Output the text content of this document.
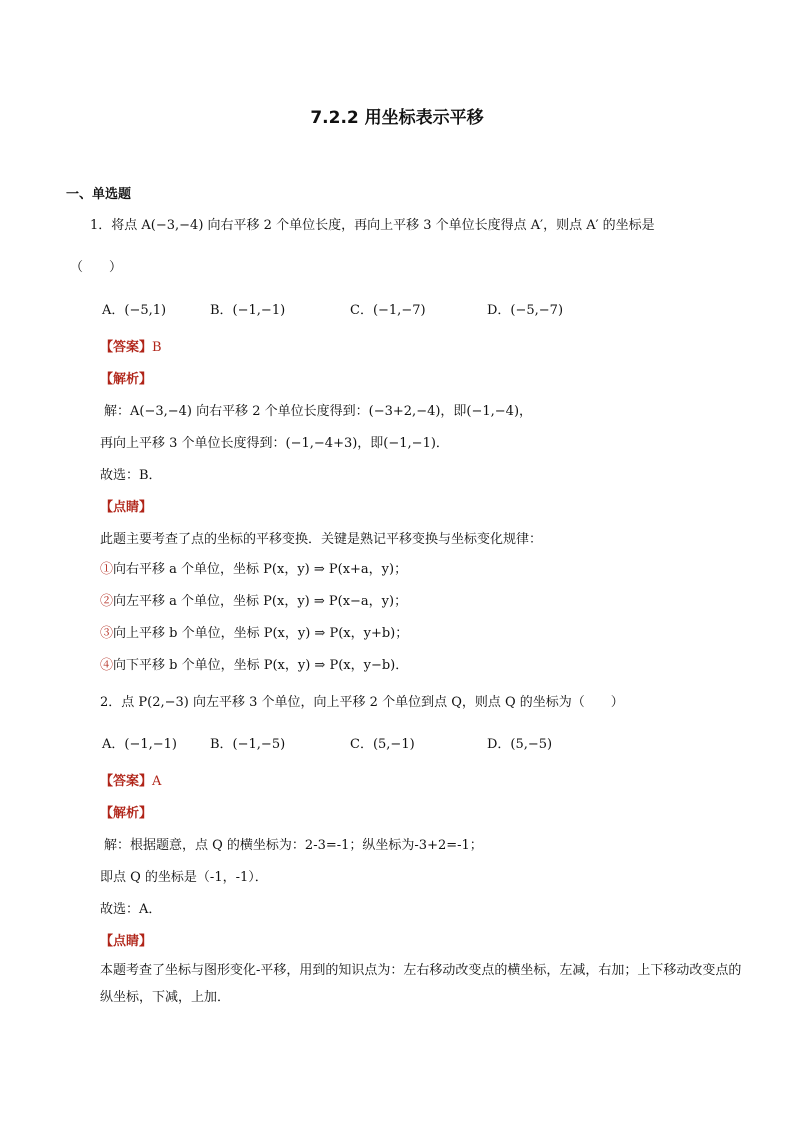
7.2.2 用坐标表示平移
一、单选题
1．将点 A(−3,−4) 向右平移 2 个单位长度，再向上平移 3 个单位长度得点 A′，则点 A′ 的坐标是
（　　）
A．(−5,1)	B．(−1,−1)	C．(−1,−7)	D．(−5,−7)
【答案】B
【解析】
解：A(−3,−4) 向右平移 2 个单位长度得到：(−3+2,−4)，即(−1,−4)，
再向上平移 3 个单位长度得到：(−1,−4+3)，即(−1,−1)．
故选：B．
【点睛】
此题主要考查了点的坐标的平移变换．关键是熟记平移变换与坐标变化规律：
①向右平移 a 个单位，坐标 P(x，y) ⇒ P(x+a，y)；
②向左平移 a 个单位，坐标 P(x，y) ⇒ P(x−a，y)；
③向上平移 b 个单位，坐标 P(x，y) ⇒ P(x，y+b)；
④向下平移 b 个单位，坐标 P(x，y) ⇒ P(x，y−b)．
2．点 P(2,−3) 向左平移 3 个单位，向上平移 2 个单位到点 Q，则点 Q 的坐标为（　　）
A．(−1,−1)	B．(−1,−5)	C．(5,−1)	D．(5,−5)
【答案】A
【解析】
解：根据题意，点 Q 的横坐标为：2-3=-1；纵坐标为-3+2=-1；
即点 Q 的坐标是（-1，-1）．
故选：A．
【点睛】
本题考查了坐标与图形变化-平移，用到的知识点为：左右移动改变点的横坐标，左减，右加；上下移动改变点的纵坐标，下减，上加．
